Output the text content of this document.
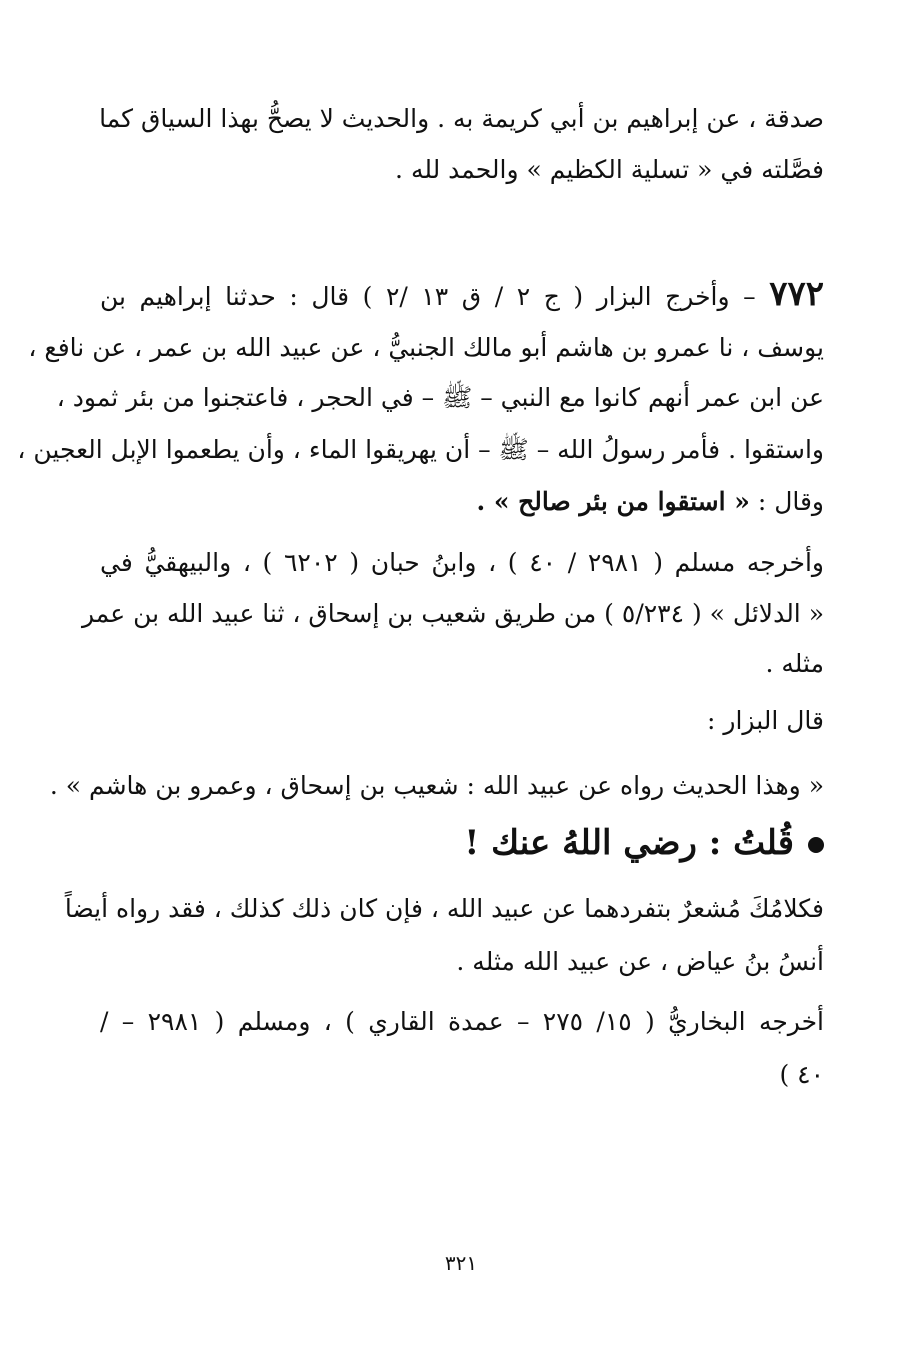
صدقة ، عن إبراهيم بن أبي كريمة به . والحديث لا يصحُّ بهذا السياق كما
فصَّلته في « تسلية الكظيم » والحمد لله .
٧٧٢ – وأخرج البزار ( ج ٢ / ق ١٣ /٢ ) قال : حدثنا إبراهيم بن
يوسف ، نا عمرو بن هاشم أبو مالك الجنبيُّ ، عن عبيد الله بن عمر ، عن نافع ،
عن ابن عمر أنهم كانوا مع النبي – ﷺ – في الحجر ، فاعتجنوا من بئر ثمود ،
واستقوا . فأمر رسولُ الله – ﷺ – أن يهريقوا الماء ، وأن يطعموا الإبل العجين ،
وقال : « استقوا من بئر صالح » .
وأخرجه مسلم ( ٢٩٨١ / ٤٠ ) ، وابنُ حبان ( ٦٢٠٢ ) ، والبيهقيُّ في
« الدلائل » ( ٥/٢٣٤ ) من طريق شعيب بن إسحاق ، ثنا عبيد الله بن عمر
مثله .
قال البزار :
« وهذا الحديث رواه عن عبيد الله : شعيب بن إسحاق ، وعمرو بن هاشم » .
قُلتُ : رضي اللهُ عنك !
فكلامُكَ مُشعرٌ بتفردهما عن عبيد الله ، فإن كان ذلك كذلك ، فقد رواه أيضاً
أنسُ بنُ عياض ، عن عبيد الله مثله .
أخرجه البخاريُّ ( ١٥/ ٢٧٥ – عمدة القاري ) ، ومسلم ( ٢٩٨١ – /
٤٠ )
٣٢١
